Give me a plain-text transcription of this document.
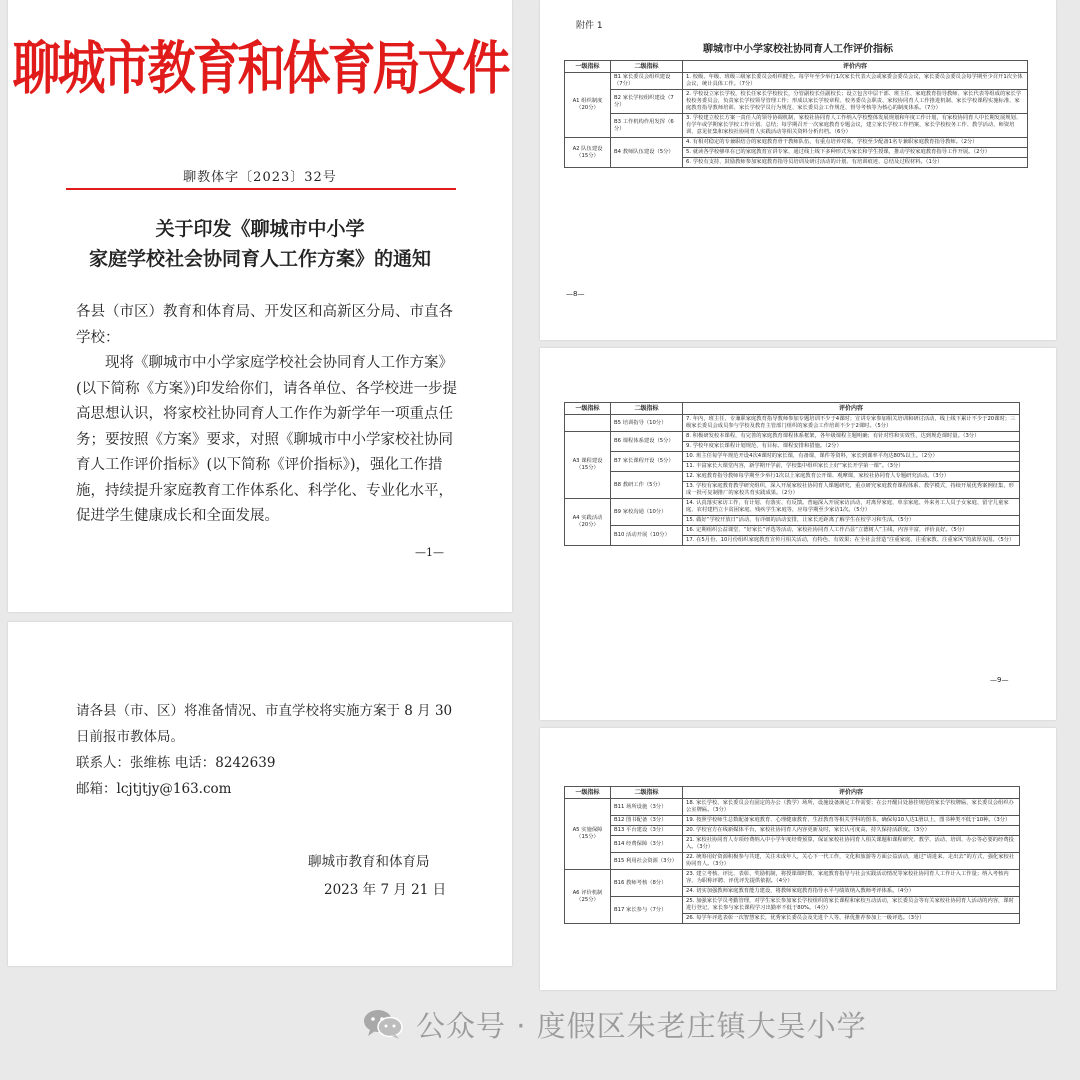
聊城市教育和体育局文件
聊教体字〔2023〕32号
关于印发《聊城市中小学
家庭学校社会协同育人工作方案》的通知

各县（市区）教育和体育局、开发区和高新区分局、市直各学校：

现将《聊城市中小学家庭学校社会协同育人工作方案》(以下简称《方案》)印发给你们，请各单位、各学校进一步提高思想认识，将家校社协同育人工作作为新学年一项重点任务；要按照《方案》要求，对照《聊城市中小学家校社协同育人工作评价指标》(以下简称《评价指标》)，强化工作措施，持续提升家庭教育工作体系化、科学化、专业化水平，促进学生健康成长和全面发展。

—1—

请各县（市、区）将准备情况、市直学校将实施方案于 8 月 30 日前报市教体局。

联系人：张维栋 电话：8242639

邮箱：lcjtjtjy@163.com

聊城市教育和体育局
2023 年 7 月 21 日
附件 1
聊城市中小学家校社协同育人工作评价指标
一级指标	二级指标	评价内容
A1 组织制度（20分）	B1 家长委员会组织建设（7分）	1. 校级、年级、班级三级家长委员会组织健全。每学年至少举行1次家长代表大会或家委会委员会议，家长委员会委员会每学期至少召开1次全体会议，统计具体工作。（7分）
	B2 家长学校组织建设（7分）	2. 学校设立家长学校，校长任家长学校校长，分管副校长任副校长；设立包含中层干部、班主任、家庭教育指导教师、家长代表等组成的家长学校校务委员会，负责家长学校领导管理工作；形成以家长学校章程、校务委员会职责、家校协同育人工作推进机制、家长学校课程实施标准、家庭教育指导教师培训、家长学校学员行为规范、家长委员会工作规范、督导考核等为核心的制度体系。（7分）
	B3 工作机构作用发挥（6分）	3. 学校建立校长方案一责任人的领导协调机制，家校社协同育人工作纳入学校整体发展规划和年度工作计划，有家校协同育人中长期发展规划、有学年或学期家长学校工作计划、总结；每学期召开一次家庭教育专题会议，建立家长学校工作档案，家长学校校务工作、教学活动、师资培训、意见征集和家校社协同育人实践活动等相关资料分析归档。（6分）
A2 队伍建设（15分）	B4 教师队伍建设（5分）	4. 有相对稳定的专兼职结合的家庭教育骨干教师队伍，有重点培养对象，学校至少配备1名专兼职家庭教育指导教师。（2分）
		5. 就读各学校够单在已的家庭教育宣讲专家，通过线上线下多种形式为家长和学生授课，推动学校家庭教育指导工作开展。（2分）
		6. 学校有支持、鼓励教师参加家庭教育指导员培训及研讨活动的计划、有培训痕迹、总结及过程材料。（1分）
—8—
一级指标	二级指标	评价内容
	B5 培训指导（10分）	7. 年内，班主任、专兼职家庭教育指导教师参加专题培训不少于4课时；宣讲专家参加相关培训和研讨活动，线上线下累计不少于20课时；三级家长委员会成员参与学校及教育主管部门组织的家委会工作培训不少于2课时。（5分）
A3 课程建设（15分）	B6 课程体系建设（5分）	8. 积极研发校本课程，有完善的家庭教育课程体系框架，各年级课程主题明确；有针对性和实效性，达到规范课时量。（3分）
		9. 学校年度家长课程计划规范，有目标、课程安排和措施。（2分）
	B7 家长课程开设（5分）	10. 班主任每学年规范开设4次4课时的家长课，有备课，课件等资料，家长到课率平均达80%以上。（2分）
		11. 丰富家长大课堂内容，新学期开学前，学校集中组织家长上好“家长开学第一课”。（3分）
	B8 教研工作（5分）	12. 家庭教育指导教师每学期至少举行1次以上家庭教育公开课、观摩课，家校社协同育人专题研究活动。（3分）
		13. 学校有家庭教育教学研究组织，深入开展家校社协同育人课题研究，重点研究家庭教育课程体系、教学模式，持续开展优秀案例征集，形成一批可复制推广的家校共育实践成果。（2分）
A4 实践活动（20分）	B9 家校沟通（10分）	14. 认真落实家访工作，有计划、有落实、有反馈。普遍深入开展家访活动，对离异家庭、单亲家庭、外来务工人员子女家庭、留守儿童家庭、农村建档立卡贫困家庭、残疾学生家庭等，应每学期至少家访1次。（5分）
		15. 做好“学校开放日”活动，有详细的活动安排，让家长近距离了解学生在校学习和生活。（5分）
	B10 活动开展（10分）	16. 定期组织公益课堂、“好家长”评选等活动，家校社协同育人工作凸显“立德树人”主线，内容丰富，评价良好。（5分）
		17. 在5月份、10月份组织家庭教育宣传月相关活动，有特色、有效果；在全社会营造“注重家庭、注重家教、注重家风”的浓厚氛围。（5分）
—9—
一级指标	二级指标	评价内容
A5 实施保障（15分）	B11 场所设施（3分）	18. 家长学校、家长委员会有固定的办公（教学）场所，设施设备满足工作需要；在公开醒目处悬挂规范的家长学校牌匾，家长委员会组织办公室牌匾。（3分）
	B12 图书配备（3分）	19. 按照学校师生总数配备家庭教育、心理健康教育、生涯教育等相关学科的图书，确保每10人达1册以上，图书种类不低于10种。（3分）
	B13 平台建设（3分）	20. 学校官方在线新媒体平台，家校社协同育人内容更新及时，家长认可度高，持久保持活跃度。（3分）
	B14 经费保障（3分）	21. 家校社协同育人专项经费纳入中小学年度经费预算，保证家校社协同育人相关课题和课程研究、教学、活动、培训、办公等必要的经费投入。（3分）
	B15 利用社会资源（3分）	22. 统筹用好资源积极参与共建，关注未成年人，关心下一代工作，文化和旅游等方面公益活动，通过“请进来、走出去”的方式，强化家校社协同育人。（3分）
A6 评价机制（25分）	B16 教师考核（8分）	23. 建立考核、评比、表彰、奖励机制，将授课课时数、家庭教育指导与社会实践活动情况等家校社协同育人工作计入工作量；纳入考核内容，为职称评聘、评优评先提供依据。（4分）
		24. 切实加强教师家庭教育能力建设，将教师家庭教育指导水平与绩效纳入教师考评体系。（4分）
	B17 家长参与（7分）	25. 加强家长学员考勤管理，对学生家长参加家长学校组织的家长课程和家校互动活动，家长委员会等有关家校社协同育人活动的内容，课时进行登记，家长参与家长课程学习出勤率不低于80%。（4分）
		26. 每学年评选表彰一次智慧家长，优秀家长委员会及先进个人等，择优推荐参加上一级评选。（3分）
公众号 · 度假区朱老庄镇大吴小学
